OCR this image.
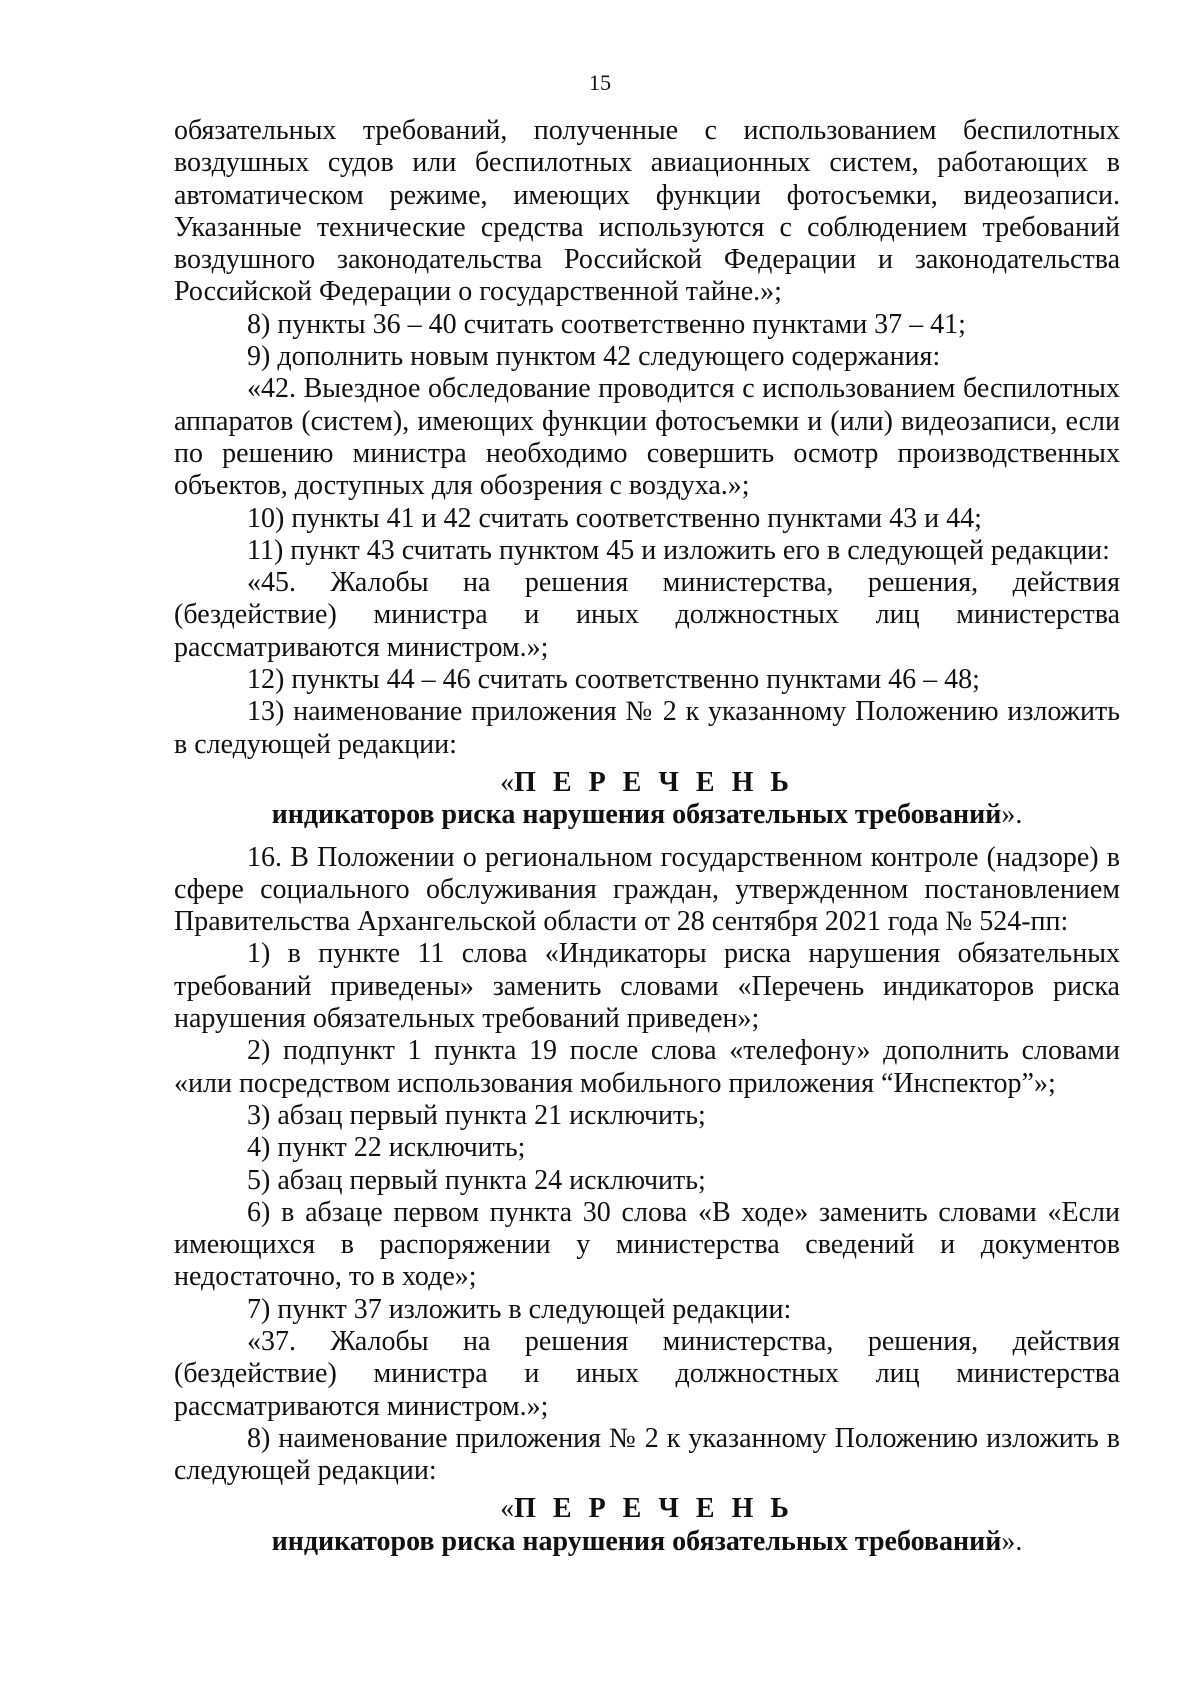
15

обязательных требований, полученные с использованием беспилотных воздушных судов или беспилотных авиационных систем, работающих в автоматическом режиме, имеющих функции фотосъемки, видеозаписи. Указанные технические средства используются с соблюдением требований воздушного законодательства Российской Федерации и законодательства Российской Федерации о государственной тайне.»;

8) пункты 36 – 40 считать соответственно пунктами 37 – 41;

9) дополнить новым пунктом 42 следующего содержания:

«42. Выездное обследование проводится с использованием беспилотных аппаратов (систем), имеющих функции фотосъемки и (или) видеозаписи, если по решению министра необходимо совершить осмотр производственных объектов, доступных для обозрения с воздуха.»;

10) пункты 41 и 42 считать соответственно пунктами 43 и 44;

11) пункт 43 считать пунктом 45 и изложить его в следующей редакции:

«45. Жалобы на решения министерства, решения, действия (бездействие) министра и иных должностных лиц министерства рассматриваются министром.»;

12) пункты 44 – 46 считать соответственно пунктами 46 – 48;

13) наименование приложения № 2 к указанному Положению изложить в следующей редакции:

«П Е Р Е Ч Е Н Ь
индикаторов риска нарушения обязательных требований».

16. В Положении о региональном государственном контроле (надзоре) в сфере социального обслуживания граждан, утвержденном постановлением Правительства Архангельской области от 28 сентября 2021 года № 524-пп:

1) в пункте 11 слова «Индикаторы риска нарушения обязательных требований приведены» заменить словами «Перечень индикаторов риска нарушения обязательных требований приведен»;

2) подпункт 1 пункта 19 после слова «телефону» дополнить словами «или посредством использования мобильного приложения “Инспектор”»;

3) абзац первый пункта 21 исключить;

4) пункт 22 исключить;

5) абзац первый пункта 24 исключить;

6) в абзаце первом пункта 30 слова «В ходе» заменить словами «Если имеющихся в распоряжении у министерства сведений и документов недостаточно, то в ходе»;

7) пункт 37 изложить в следующей редакции:

«37. Жалобы на решения министерства, решения, действия (бездействие) министра и иных должностных лиц министерства рассматриваются министром.»;

8) наименование приложения № 2 к указанному Положению изложить в следующей редакции:

«П Е Р Е Ч Е Н Ь
индикаторов риска нарушения обязательных требований».
